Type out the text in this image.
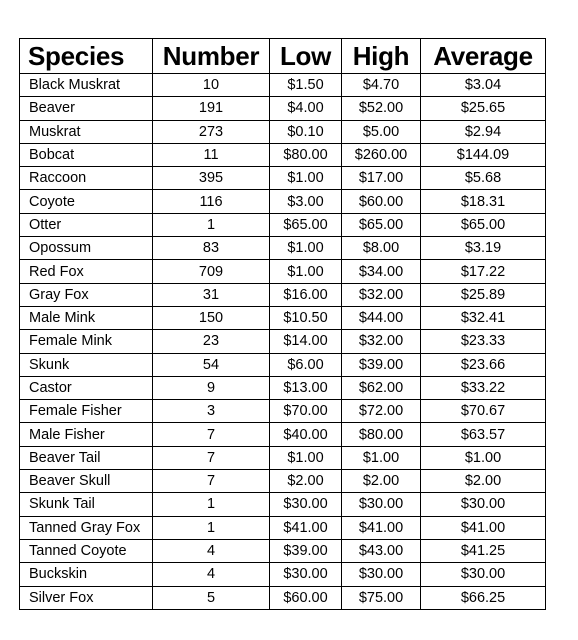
Species	Number	Low	High	Average
Black Muskrat	10	$1.50	$4.70	$3.04
Beaver	191	$4.00	$52.00	$25.65
Muskrat	273	$0.10	$5.00	$2.94
Bobcat	11	$80.00	$260.00	$144.09
Raccoon	395	$1.00	$17.00	$5.68
Coyote	116	$3.00	$60.00	$18.31
Otter	1	$65.00	$65.00	$65.00
Opossum	83	$1.00	$8.00	$3.19
Red Fox	709	$1.00	$34.00	$17.22
Gray Fox	31	$16.00	$32.00	$25.89
Male Mink	150	$10.50	$44.00	$32.41
Female Mink	23	$14.00	$32.00	$23.33
Skunk	54	$6.00	$39.00	$23.66
Castor	9	$13.00	$62.00	$33.22
Female Fisher	3	$70.00	$72.00	$70.67
Male Fisher	7	$40.00	$80.00	$63.57
Beaver Tail	7	$1.00	$1.00	$1.00
Beaver Skull	7	$2.00	$2.00	$2.00
Skunk Tail	1	$30.00	$30.00	$30.00
Tanned Gray Fox	1	$41.00	$41.00	$41.00
Tanned Coyote	4	$39.00	$43.00	$41.25
Buckskin	4	$30.00	$30.00	$30.00
Silver Fox	5	$60.00	$75.00	$66.25
